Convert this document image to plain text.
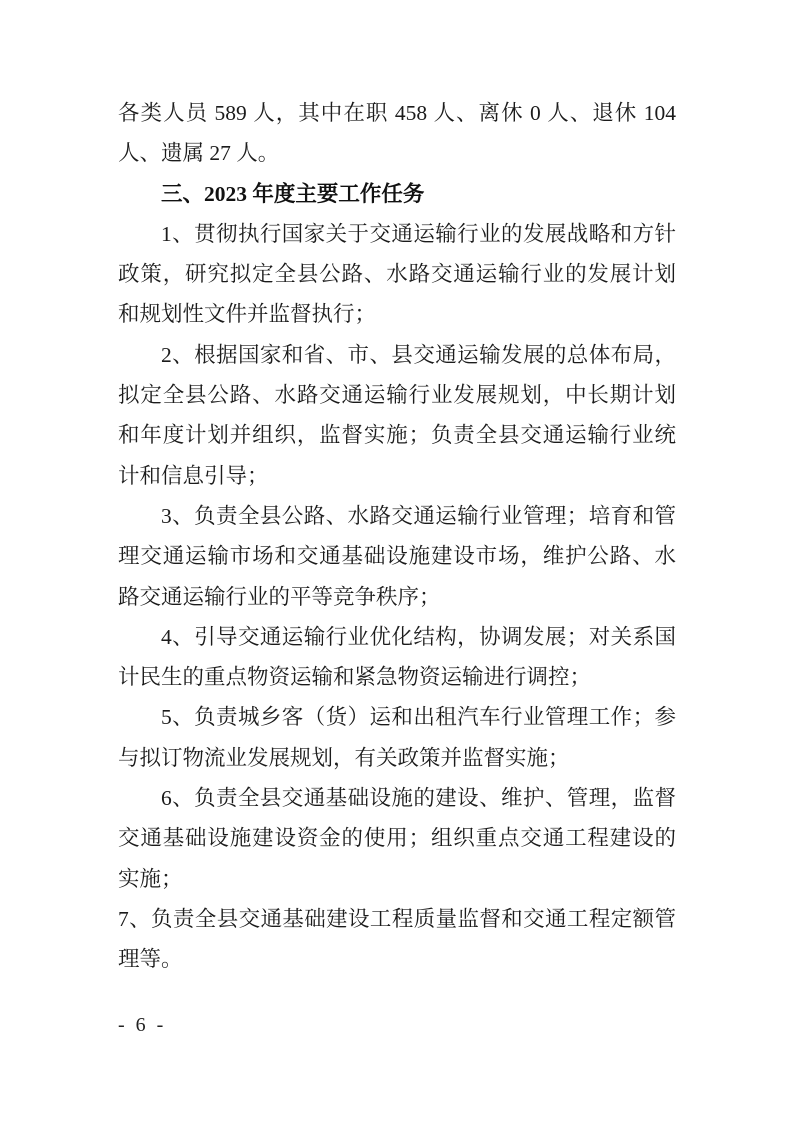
各类人员 589 人，其中在职 458 人、离休 0 人、退休 104 人、遗属 27 人。

三、2023 年度主要工作任务

1、贯彻执行国家关于交通运输行业的发展战略和方针政策，研究拟定全县公路、水路交通运输行业的发展计划和规划性文件并监督执行；

2、根据国家和省、市、县交通运输发展的总体布局，拟定全县公路、水路交通运输行业发展规划，中长期计划和年度计划并组织，监督实施；负责全县交通运输行业统计和信息引导；

3、负责全县公路、水路交通运输行业管理；培育和管理交通运输市场和交通基础设施建设市场，维护公路、水路交通运输行业的平等竞争秩序；

4、引导交通运输行业优化结构，协调发展；对关系国计民生的重点物资运输和紧急物资运输进行调控；

5、负责城乡客（货）运和出租汽车行业管理工作；参与拟订物流业发展规划，有关政策并监督实施；

6、负责全县交通基础设施的建设、维护、管理，监督交通基础设施建设资金的使用；组织重点交通工程建设的实施；

7、负责全县交通基础建设工程质量监督和交通工程定额管理等。

- 6 -
